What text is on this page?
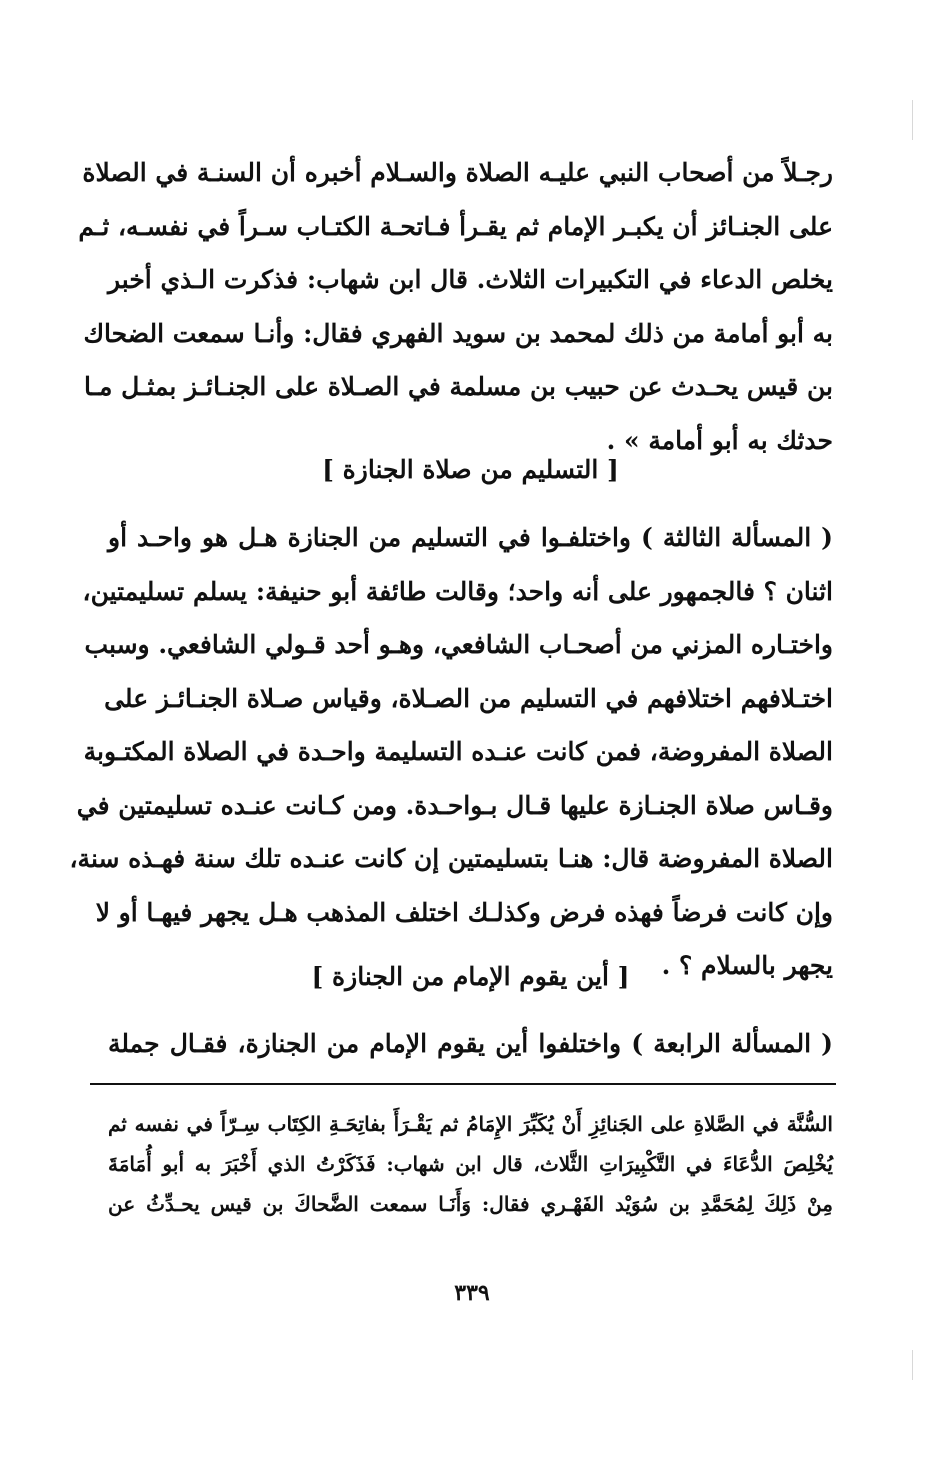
رجـلاً من أصحاب النبي عليـه الصلاة والسـلام أخبره أن السنـة في الصلاة
على الجنـائز أن يكبـر الإمام ثم يقـرأ فـاتحـة الكتـاب سـراً في نفسـه، ثـم
يخلص الدعاء في التكبيرات الثلاث. قال ابن شهاب: فذكرت الـذي أخبر
به أبو أمامة من ذلك لمحمد بن سويد الفهري فقال: وأنـا سمعت الضحاك
بن قيس يحـدث عن حبيب بن مسلمة في الصـلاة على الجنـائـز بمثـل مـا
حدثك به أبو أمامة » .
[ التسليم من صلاة الجنازة ]
( المسألة الثالثة ) واختلفـوا في التسليم من الجنازة هـل هو واحـد أو
اثنان ؟ فالجمهور على أنه واحد؛ وقالت طائفة أبو حنيفة: يسلم تسليمتين،
واختـاره المزني من أصحـاب الشافعي، وهـو أحد قـولي الشافعي. وسبب
اختـلافهم اختلافهم في التسليم من الصـلاة، وقياس صـلاة الجنـائـز على
الصلاة المفروضة، فمن كانت عنـده التسليمة واحـدة في الصلاة المكتـوبة
وقـاس صلاة الجنـازة عليها قـال بـواحـدة. ومن كـانت عنـده تسليمتين في
الصلاة المفروضة قال: هنـا بتسليمتين إن كانت عنـده تلك سنة فهـذه سنة،
وإن كانت فرضاً فهذه فرض وكذلـك اختلف المذهب هـل يجهر فيهـا أو لا
يجهر بالسلام ؟ .
[ أين يقوم الإمام من الجنازة ]
( المسألة الرابعة ) واختلفوا أين يقوم الإمام من الجنازة، فقـال جملة
السُّنَّة في الصَّلاةِ على الجَنائِزِ أَنْ يُكَبِّرَ الإِمَامُ ثم يَقْـرَأَ بفاتِحَـةِ الكِتَاب سِـرّاً في نفسه ثم
يُخْلِصَ الدُّعَاءَ في التَّكْبِيرَاتِ الثَّلاث، قال ابن شهاب: فَذَكَرْتُ الذي أَخْبَرَ به أبو أُمَامَةَ
مِنْ ذَلِكَ لِمُحَمَّدِ بن سُوَيْد الفَهْـري فقال: وَأَنَـا سمعت الضَّحاكَ بن قيس يحـدِّثُ عن
٣٣٩
